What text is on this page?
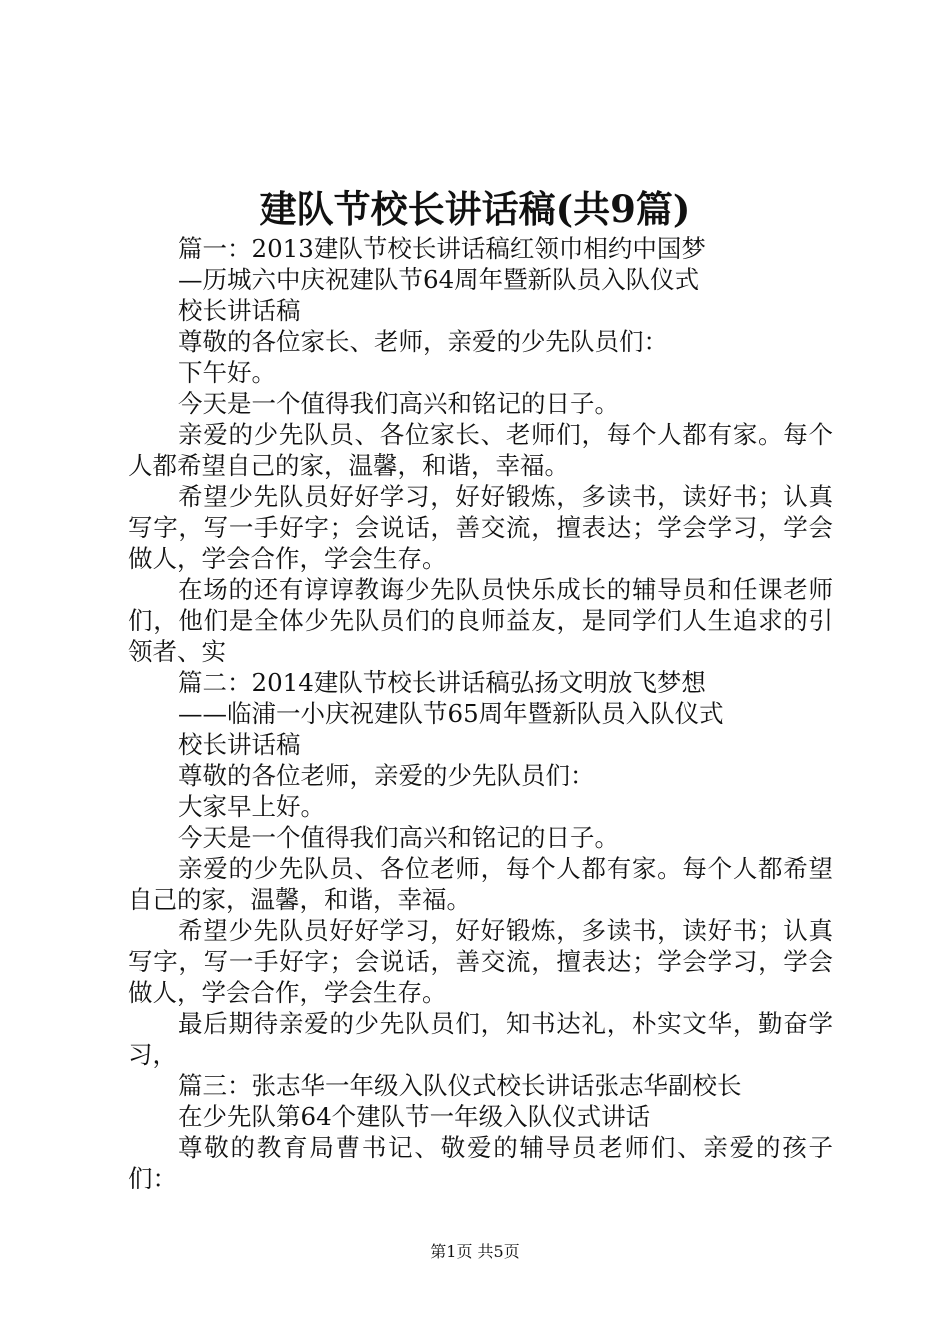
建队节校长讲话稿(共9篇)

篇一：2013建队节校长讲话稿红领巾相约中国梦

—历城六中庆祝建队节64周年暨新队员入队仪式

校长讲话稿

尊敬的各位家长、老师，亲爱的少先队员们：

下午好。

今天是一个值得我们高兴和铭记的日子。

亲爱的少先队员、各位家长、老师们，每个人都有家。每个人都希望自己的家，温馨，和谐，幸福。

希望少先队员好好学习，好好锻炼，多读书，读好书；认真写字，写一手好字；会说话，善交流，擅表达；学会学习，学会做人，学会合作，学会生存。

在场的还有谆谆教诲少先队员快乐成长的辅导员和任课老师们，他们是全体少先队员们的良师益友，是同学们人生追求的引领者、实

篇二：2014建队节校长讲话稿弘扬文明放飞梦想

——临浦一小庆祝建队节65周年暨新队员入队仪式

校长讲话稿

尊敬的各位老师，亲爱的少先队员们：

大家早上好。

今天是一个值得我们高兴和铭记的日子。

亲爱的少先队员、各位老师，每个人都有家。每个人都希望自己的家，温馨，和谐，幸福。

希望少先队员好好学习，好好锻炼，多读书，读好书；认真写字，写一手好字；会说话，善交流，擅表达；学会学习，学会做人，学会合作，学会生存。

最后期待亲爱的少先队员们，知书达礼，朴实文华，勤奋学习，

篇三：张志华一年级入队仪式校长讲话张志华副校长

在少先队第64个建队节一年级入队仪式讲话

尊敬的教育局曹书记、敬爱的辅导员老师们、亲爱的孩子们：

第1页 共5页
